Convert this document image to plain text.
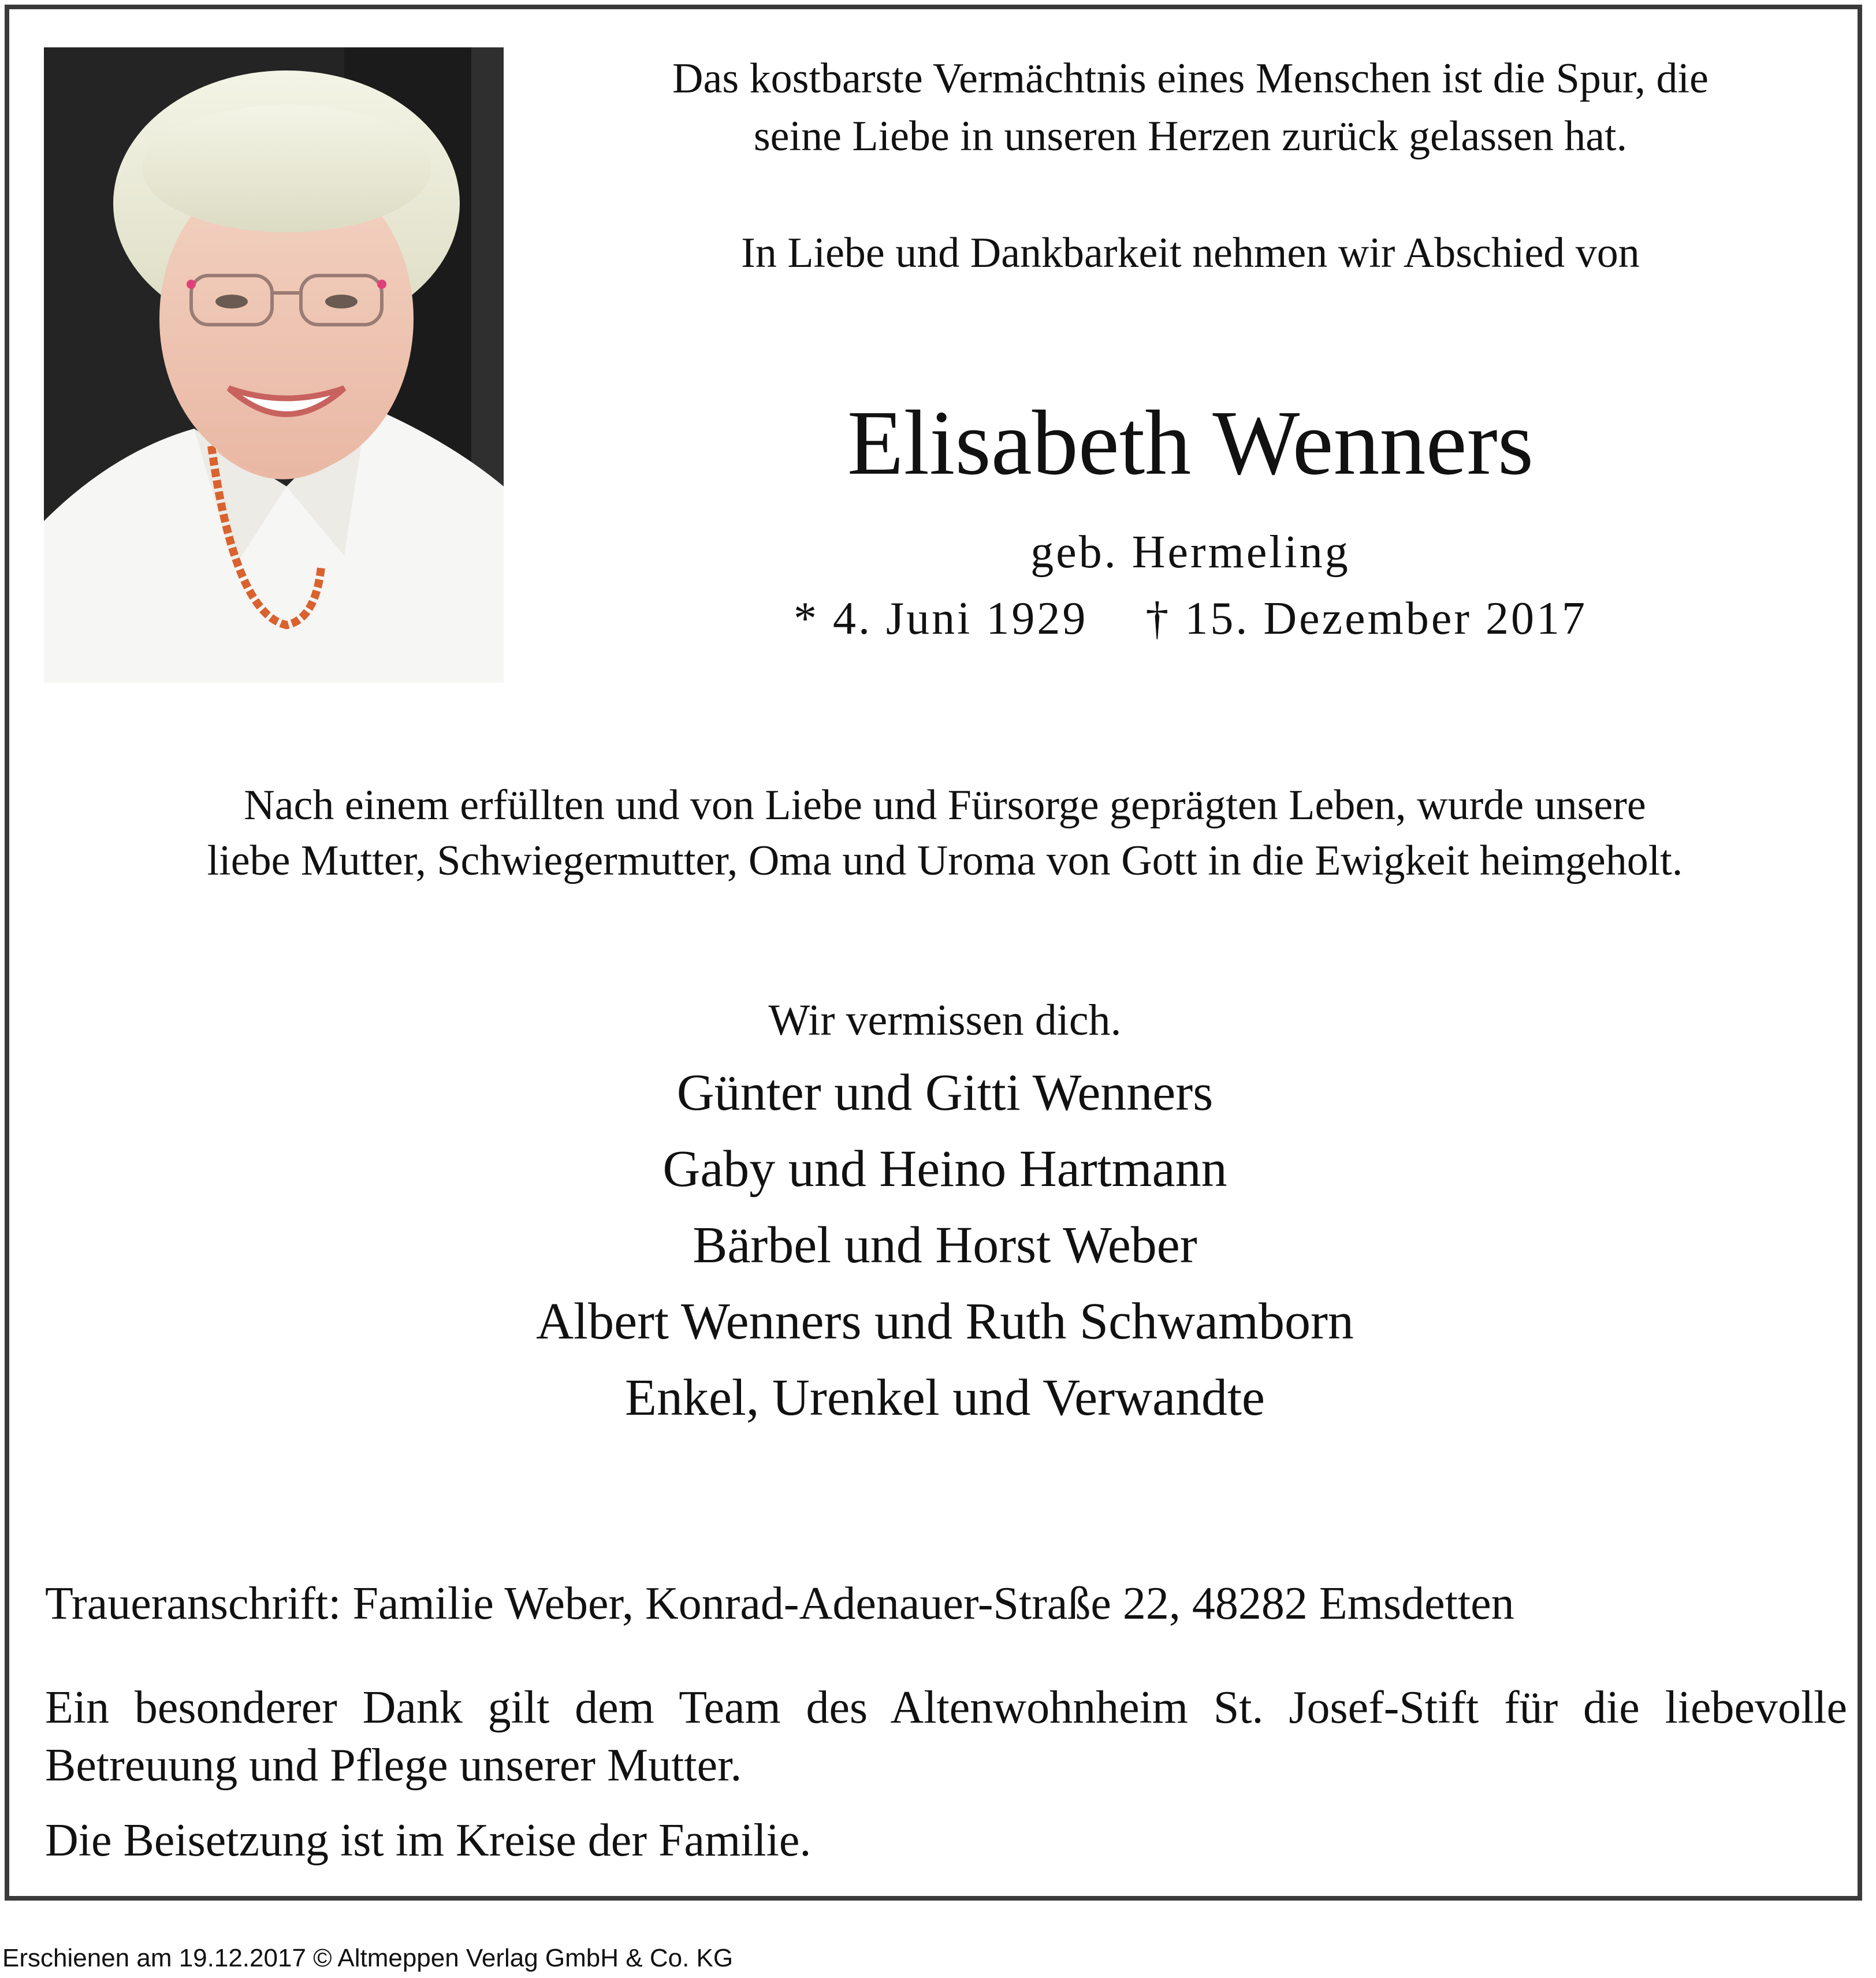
Das kostbarste Vermächtnis eines Menschen ist die Spur, die
seine Liebe in unseren Herzen zurück gelassen hat.

In Liebe und Dankbarkeit nehmen wir Abschied von

Elisabeth Wenners

geb. Hermeling

* 4. Juni 1929 † 15. Dezember 2017

Nach einem erfüllten und von Liebe und Fürsorge geprägten Leben, wurde unsere
liebe Mutter, Schwiegermutter, Oma und Uroma von Gott in die Ewigkeit heimgeholt.

Wir vermissen dich.

Günter und Gitti Wenners
Gaby und Heino Hartmann
Bärbel und Horst Weber
Albert Wenners und Ruth Schwamborn
Enkel, Urenkel und Verwandte

Traueranschrift: Familie Weber, Konrad-Adenauer-Straße 22, 48282 Emsdetten

Ein besonderer Dank gilt dem Team des Altenwohnheim St. Josef-Stift für die liebevolle Betreuung und Pflege unserer Mutter.

Die Beisetzung ist im Kreise der Familie.

Erschienen am 19.12.2017 © Altmeppen Verlag GmbH & Co. KG
